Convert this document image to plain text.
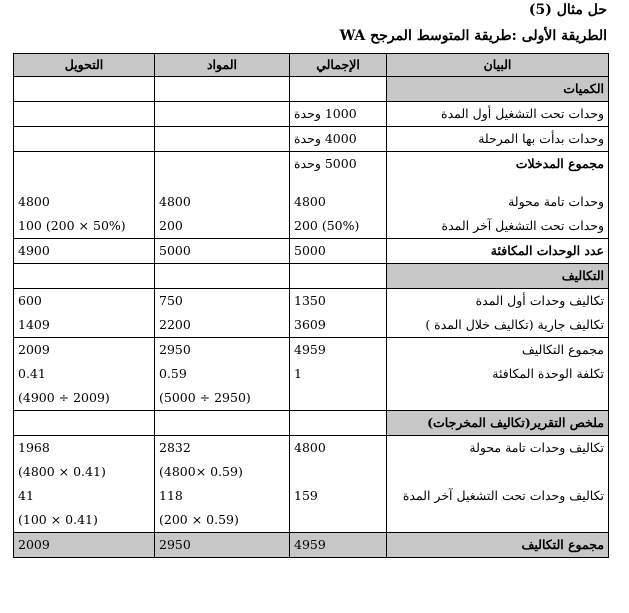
حل مثال (5)
الطريقة الأولى :طريقة المتوسط المرجح WA
البيان	الإجمالي	المواد	التحويل
الكميات			
وحدات تحت التشغيل أول المدة	1000 وحدة		
وحدات بدأت بها المرحلة	4000 وحدة		
مجموع المدخلات	5000 وحدة		

وحدات تامة محولة	4800	4800	4800
وحدات تحت التشغيل آخر المدة	200 (50%)	200	100 (200 × 50%)
عدد الوحدات المكافئة	5000	5000	4900
التكاليف			
تكاليف وحدات أول المدة	1350	750	600
تكاليف جارية (تكاليف خلال المدة )	3609	2200	1409
مجموع التكاليف	4959	2950	2009
تكلفة الوحدة المكافئة	1	0.59	0.41
		(5000 ÷ 2950)	(4900 ÷ 2009)
ملخص التقرير(تكاليف المخرجات)			
تكاليف وحدات تامة محولة	4800	2832	1968
		(4800× 0.59)	(4800 × 0.41)
تكاليف وحدات تحت التشغيل آخر المدة	159	118	41
		(200 × 0.59)	(100 × 0.41)
مجموع التكاليف	4959	2950	2009
